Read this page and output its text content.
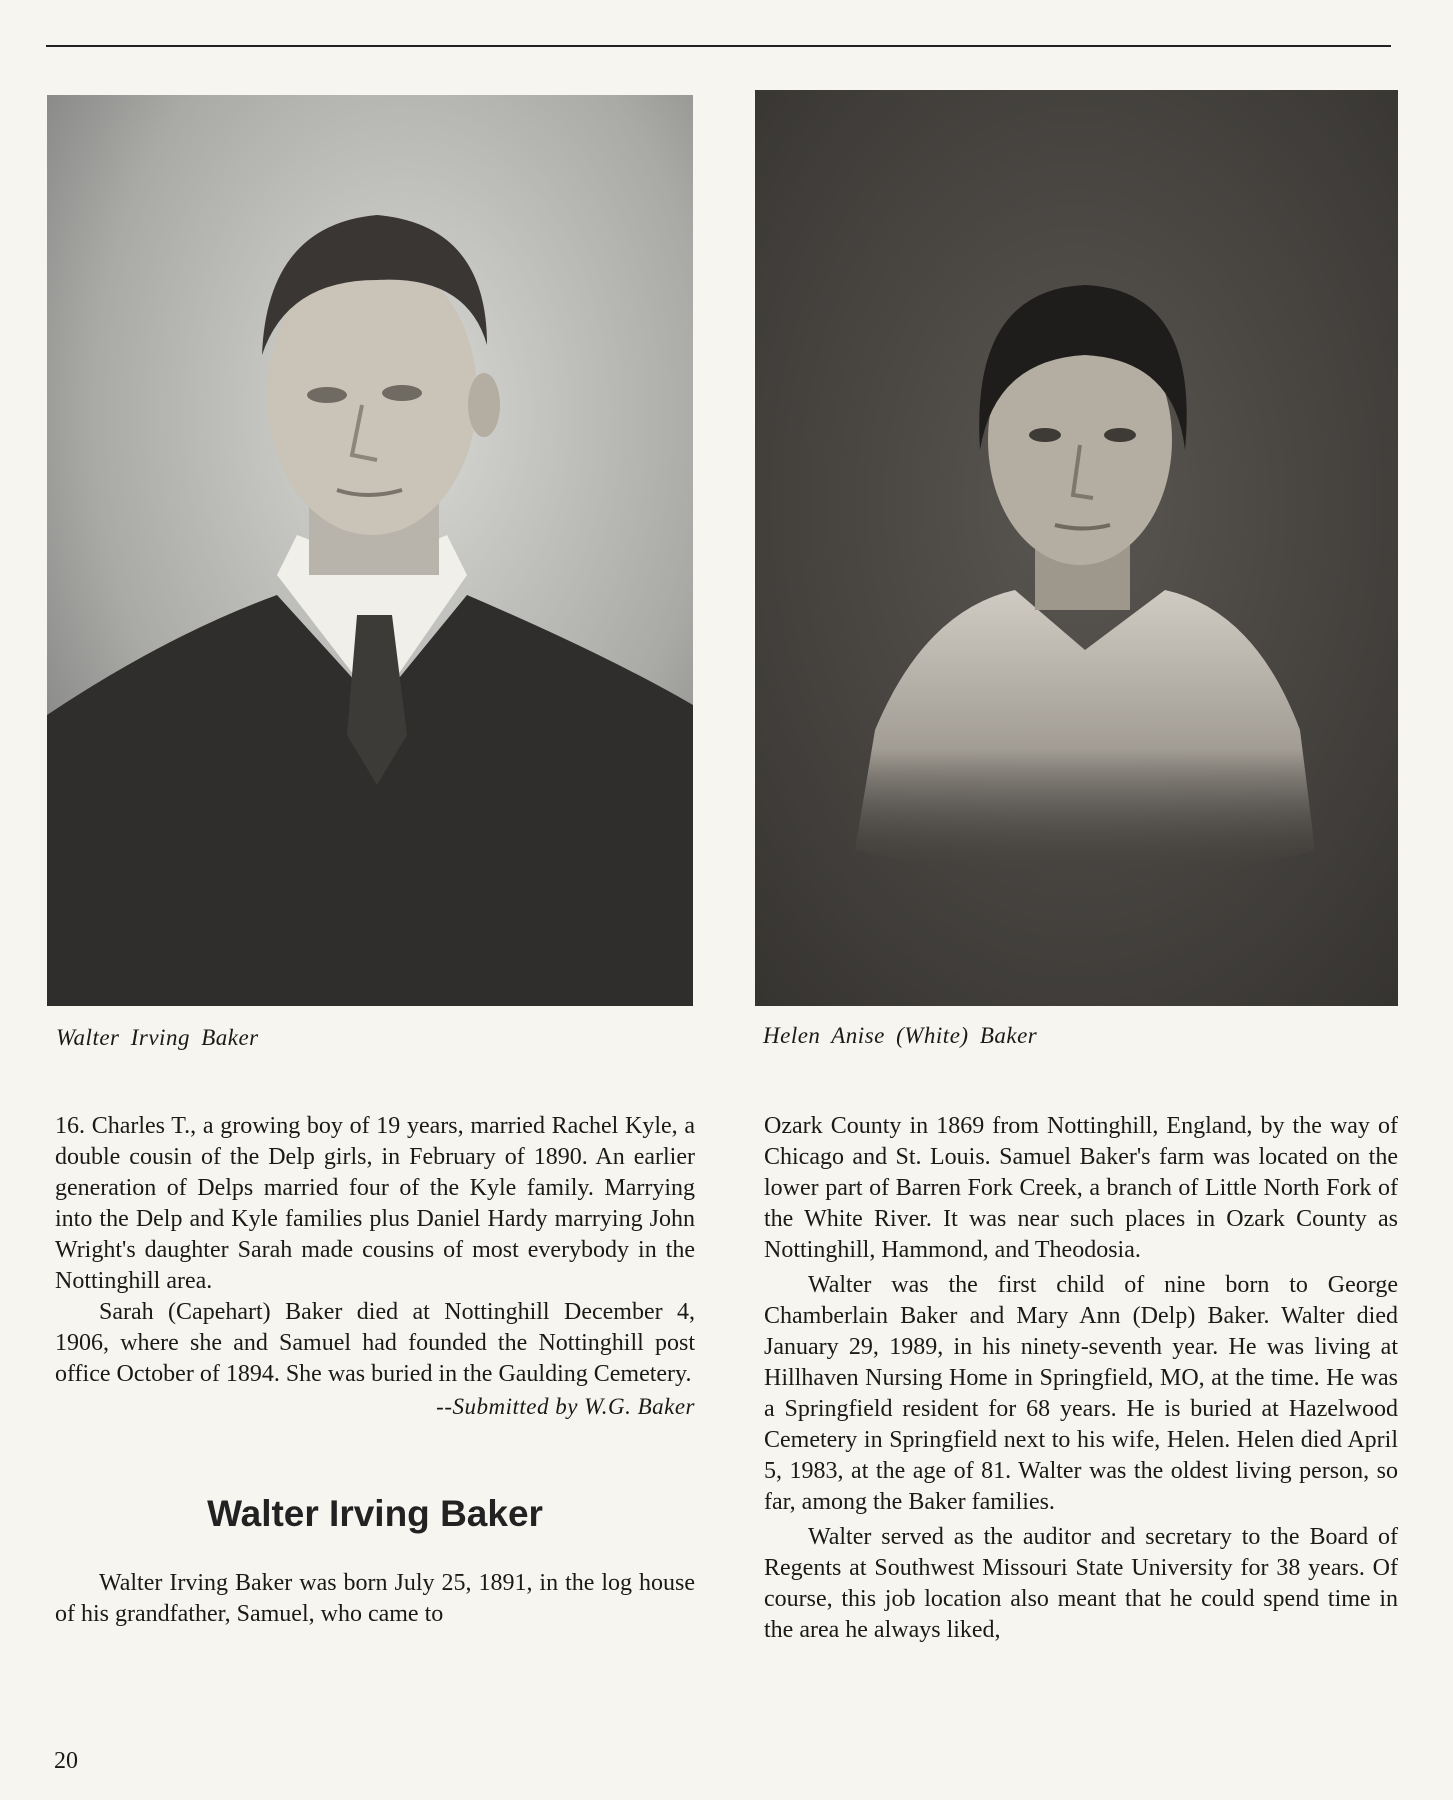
Walter Irving Baker	Helen Anise (White) Baker

16. Charles T., a growing boy of 19 years, married Rachel Kyle, a double cousin of the Delp girls, in February of 1890. An earlier generation of Delps married four of the Kyle family. Marrying into the Delp and Kyle families plus Daniel Hardy marrying John Wright's daughter Sarah made cousins of most everybody in the Nottinghill area.

Sarah (Capehart) Baker died at Nottinghill December 4, 1906, where she and Samuel had founded the Nottinghill post office October of 1894. She was buried in the Gaulding Cemetery.

--Submitted by W.G. Baker
Walter Irving Baker

Walter Irving Baker was born July 25, 1891, in the log house of his grandfather, Samuel, who came to

Ozark County in 1869 from Nottinghill, England, by the way of Chicago and St. Louis. Samuel Baker's farm was located on the lower part of Barren Fork Creek, a branch of Little North Fork of the White River. It was near such places in Ozark County as Nottinghill, Hammond, and Theodosia.

Walter was the first child of nine born to George Chamberlain Baker and Mary Ann (Delp) Baker. Walter died January 29, 1989, in his ninety-seventh year. He was living at Hillhaven Nursing Home in Springfield, MO, at the time. He was a Springfield resident for 68 years. He is buried at Hazelwood Cemetery in Springfield next to his wife, Helen. Helen died April 5, 1983, at the age of 81. Walter was the oldest living person, so far, among the Baker families.

Walter served as the auditor and secretary to the Board of Regents at Southwest Missouri State University for 38 years. Of course, this job location also meant that he could spend time in the area he always liked,

20
